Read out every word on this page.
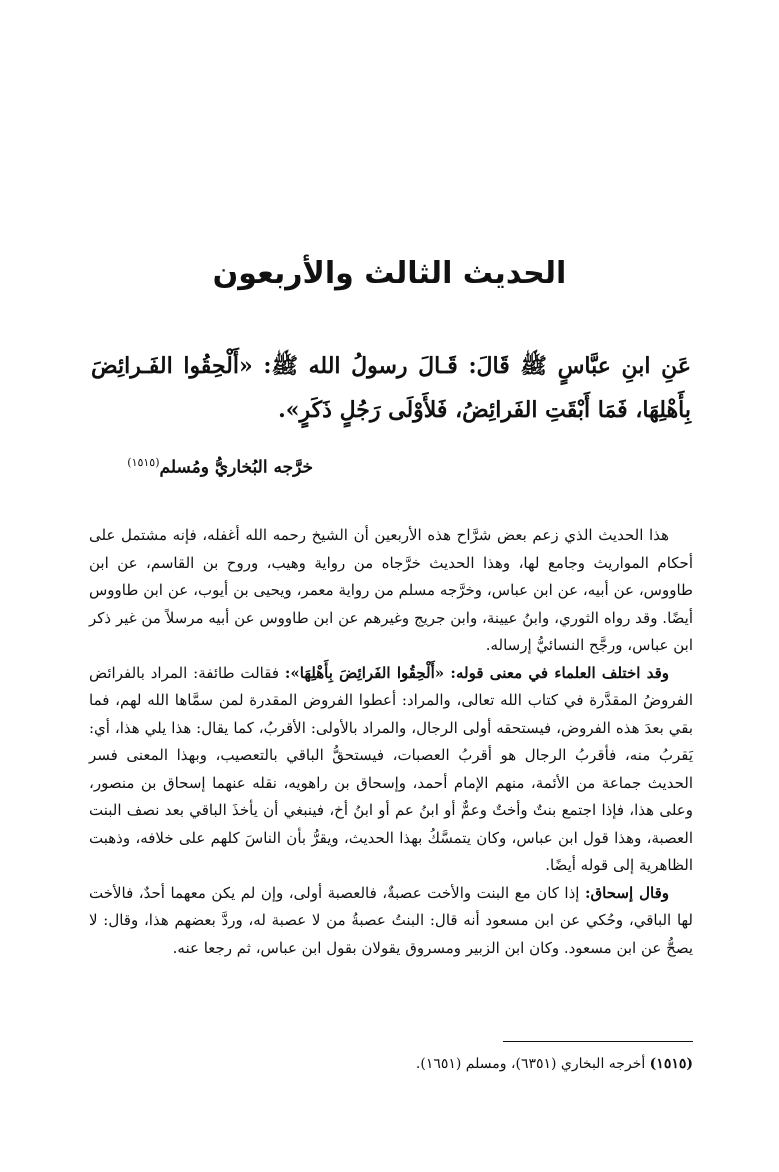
الحديث الثالث والأربعون
عَنِ ابنِ عبَّاسٍ ﷺ قَالَ: قَـالَ رسولُ الله ﷺ: «أَلْحِقُوا الفَـرائِضَ بِأَهْلِهَا، فَمَا أَبْقَتِ الفَرائِضُ، فَلأَوْلَى رَجُلٍ ذَكَرٍ».
خرَّجه البُخاريُّ ومُسلم$^{(١٥١٥)}$

هذا الحديث الذي زعم بعض شرَّاح هذه الأربعين أن الشيخ رحمه الله أغفله، فإنه مشتمل على أحكام المواريث وجامع لها، وهذا الحديث خرَّجاه من رواية وهيب، وروح بن القاسم، عن ابن طاووس، عن أبيه، عن ابن عباس، وخرَّجه مسلم من رواية معمر، ويحيى بن أيوب، عن ابن طاووس أيضًا. وقد رواه الثوري، وابنُ عيينة، وابن جريج وغيرهم عن ابن طاووس عن أبيه مرسلاً من غير ذكر ابن عباس، ورجَّح النسائيُّ إرساله.

وقد اختلف العلماء في معنى قوله: «أَلْحِقُوا الفَرائِضَ بِأَهْلِهَا»: فقالت طائفة: المراد بالفرائض الفروضُ المقدَّرة في كتاب الله تعالى، والمراد: أعطوا الفروض المقدرة لمن سمَّاها الله لهم، فما بقي بعدَ هذه الفروض، فيستحقه أولى الرجال، والمراد بالأولى: الأقربُ، كما يقال: هذا يلي هذا، أي: يَقربُ منه، فأقربُ الرجال هو أقربُ العصبات، فيستحقُّ الباقي بالتعصيب، وبهذا المعنى فسر الحديث جماعة من الأئمة، منهم الإمام أحمد، وإسحاق بن راهويه، نقله عنهما إسحاق بن منصور، وعلى هذا، فإذا اجتمع بنتٌ وأختٌ وعمٌّ أو ابنُ عم أو ابنُ أخ، فينبغي أن يأخذَ الباقي بعد نصف البنت العصبة، وهذا قول ابن عباس، وكان يتمسَّكُ بهذا الحديث، ويقرُّ بأن الناسَ كلهم على خلافه، وذهبت الظاهرية إلى قوله أيضًا.

وقال إسحاق: إذا كان مع البنت والأخت عصبةٌ، فالعصبة أولى، وإن لم يكن معهما أحدٌ، فالأخت لها الباقي، وحُكي عن ابن مسعود أنه قال: البنتُ عصبةُ من لا عصبة له، وردَّ بعضهم هذا، وقال: لا يصحُّ عن ابن مسعود. وكان ابن الزبير ومسروق يقولان بقول ابن عباس، ثم رجعا عنه.

(١٥١٥) أخرجه البخاري (٦٣٥١)، ومسلم (١٦٥١).
